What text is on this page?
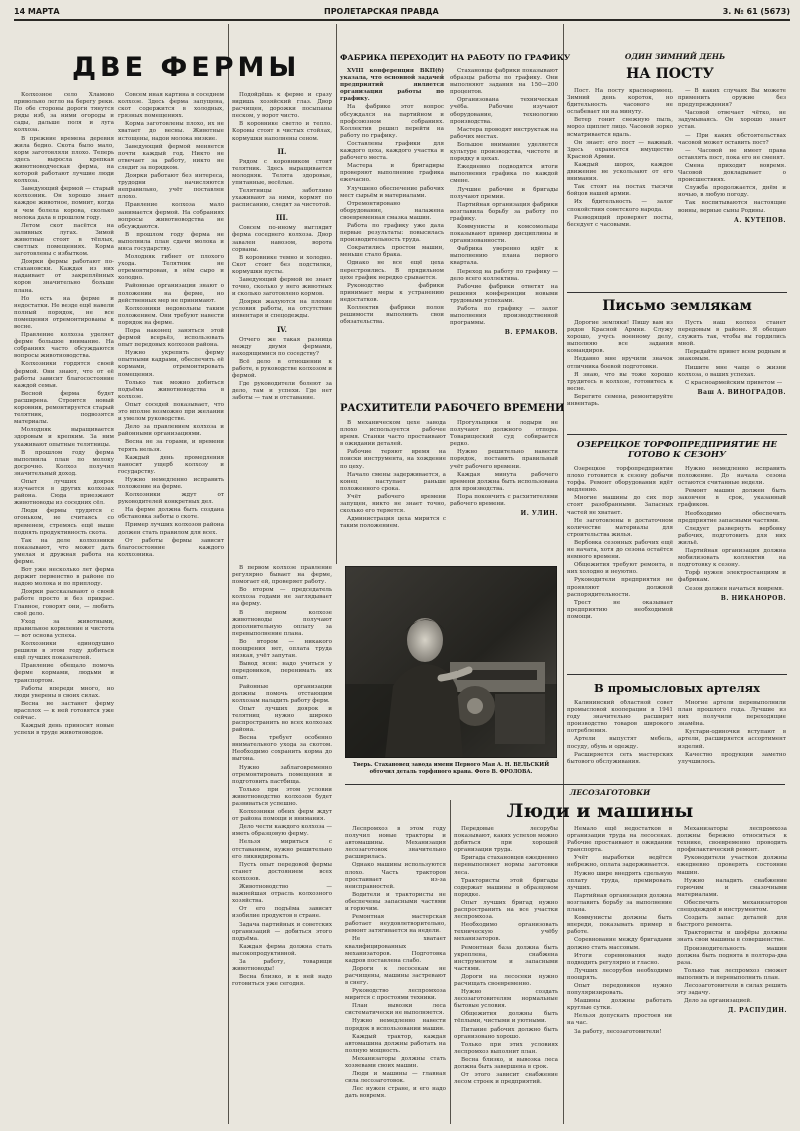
14 МАРТА	ПРОЛЕТАРСКАЯ ПРАВДА	3. № 61 (5673)
ДВЕ ФЕРМЫ

Колхозное село Хламово привольно легло на берегу реки. По обе стороны дороги тянутся ряды изб, за ними огороды и сады, дальше поля и луга колхоза.

В прежние времена деревня жила бедно. Скота было мало, корм заготовляли плохо. Теперь здесь выросла крепкая животноводческая ферма, на которой работают лучшие люди колхоза.

Заведующий фермой — старый колхозник. Он хорошо знает каждое животное, помнит, когда и чем болела корова, сколько молока дала в прошлом году.

Летом скот пасётся на заливных лугах. Зимой животные стоят в тёплых, светлых помещениях. Корма заготовлены с избытком.

Доярки фермы работают по-стахановски. Каждая из них надаивает от закреплённых коров значительно больше плана.

Но есть на ферме и недостатки. Не везде ещё навели полный порядок, не все помещения отремонтированы к весне.

Правление колхоза уделяет ферме большое внимание. На собраниях часто обсуждаются вопросы животноводства.

Колхозники гордятся своей фермой. Они знают, что от её работы зависит благосостояние каждой семьи.

Весной ферма будет расширена. Строится новый коровник, ремонтируется старый телятник, подвозятся материалы.

Молодняк выращивается здоровым и крепким. За ним ухаживают опытные телятницы.

В прошлом году ферма выполнила план по молоку досрочно. Колхоз получил значительный доход.

Опыт лучших доярок изучается в других колхозах района. Сюда приезжают животноводы из соседних сёл.

Люди фермы трудятся с огоньком, не считаясь со временем, стремясь ещё выше поднять продуктивность скота.

Так на деле колхозники показывают, что может дать умелая и дружная работа на ферме.

Вот уже несколько лет ферма держит первенство в районе по надою молока и по приплоду.

Доярки рассказывают о своей работе просто и без прикрас. Главное, говорят они, — любить своё дело.

Уход за животными, правильное кормление и чистота — вот основа успеха.

Колхозники единодушно решили в этом году добиться ещё лучших показателей.

Правление обещало помочь ферме кормами, людьми и транспортом.

Работы впереди много, но люди уверены в своих силах.

Весна не застанет ферму врасплох — к ней готовятся уже сейчас.

Каждый день приносит новые успехи в труде животноводов.

Совсем иная картина в соседнем колхозе. Здесь ферма запущена, скот содержится в холодных, грязных помещениях.

Корма заготовлены плохо, их не хватает до весны. Животные истощены, надои молока низкие.

Заведующий фермой меняется почти каждый год. Никто не отвечает за работу, никто не следит за порядком.

Доярки работают без интереса, трудодни начисляются неправильно, учёт поставлен плохо.

Правление колхоза мало занимается фермой. На собраниях вопросы животноводства не обсуждаются.

В прошлом году ферма не выполнила план сдачи молока и мяса государству.

Молодняк гибнет от плохого ухода. Телятник не отремонтирован, в нём сыро и холодно.

Районные организации знают о положении на ферме, но действенных мер не принимают.

Колхозники недовольны таким положением. Они требуют навести порядок на ферме.

Пора наконец заняться этой фермой всерьёз, использовать опыт передовых колхозов района.

Нужно укрепить ферму опытными кадрами, обеспечить её кормами, отремонтировать помещения.

Только так можно добиться подъёма животноводства в колхозе.

Опыт соседей показывает, что это вполне возможно при желании и умелом руководстве.

Дело за правлением колхоза и районными организациями.

Весна не за горами, и времени терять нельзя.

Каждый день промедления наносит ущерб колхозу и государству.

Нужно немедленно исправить положение на ферме.

Колхозники ждут от руководителей конкретных дел.

На ферме должна быть создана обстановка заботы о скоте.

Пример лучших колхозов района должен стать правилом для всех.

От работы фермы зависит благосостояние каждого колхозника.

Подойдёшь к ферме и сразу видишь хозяйский глаз. Двор расчищен, дорожки посыпаны песком, у ворот чисто.

В коровнике светло и тепло. Коровы стоят в чистых стойлах, кормушки наполнены сеном.

II.

Рядом с коровником стоит телятник. Здесь выращивается молодняк. Телята здоровые, упитанные, весёлые.

Телятницы заботливо ухаживают за ними, кормят по расписанию, следят за чистотой.

III.

Совсем по-иному выглядит ферма соседнего колхоза. Двор завален навозом, ворота сорваны.

В коровнике темно и холодно. Скот стоит без подстилки, кормушки пусты.

Заведующий фермой не знает точно, сколько у него животных и сколько заготовлено кормов.

Доярки жалуются на плохие условия работы, на отсутствие инвентаря и спецодежды.

IV.

Отчего же такая разница между двумя фермами, находящимися по соседству?

Всё дело в отношении к работе, в руководстве колхозом и фермой.

Где руководители болеют за дело, там и успехи. Где нет заботы — там и отставание.

В первом колхозе правление регулярно бывает на ферме, помогает ей, проверяет работу.

Во втором — председатель колхоза годами не заглядывает на ферму.

В первом колхозе животноводы получают дополнительную оплату за перевыполнение плана.

Во втором — никакого поощрения нет, оплата труда низкая, учёт запутан.

Вывод ясен: надо учиться у передовиков, перенимать их опыт.

Районные организации должны помочь отстающим колхозам наладить работу ферм.

Опыт лучших доярок и телятниц нужно широко распространить во всех колхозах района.

Весна требует особенно внимательного ухода за скотом. Необходимо сохранить корма до выгона.

Нужно заблаговременно отремонтировать помещения и подготовить пастбища.

Только при этом условии животноводство колхозов будет развиваться успешно.

Колхозники обеих ферм ждут от района помощи и внимания.

Дело чести каждого колхоза — иметь образцовую ферму.

Нельзя мириться с отставанием, нужно решительно его ликвидировать.

Пусть опыт передовой фермы станет достоянием всех колхозов.

Животноводство — важнейшая отрасль колхозного хозяйства.

От его подъёма зависит изобилие продуктов в стране.

Задача партийных и советских организаций — добиться этого подъёма.

Каждая ферма должна стать высокопродуктивной.

За работу, товарищи животноводы!

Весна близко, и к ней надо готовиться уже сегодня.

ФАБРИКА ПЕРЕХОДИТ НА РАБОТУ ПО ГРАФИКУ

XVIII конференция ВКП(б) указала, что основной задачей предприятий является организация работы по графику.

На фабрике этот вопрос обсуждался на партийном и профсоюзном собраниях. Коллектив решил перейти на работу по графику.

Составлены графики для каждого цеха, каждого участка и рабочего места.

Мастера и бригадиры проверяют выполнение графика ежечасно.

Улучшено обеспечение рабочих мест сырьём и материалами.

Отремонтировано оборудование, налажена своевременная смазка машин.

Работа по графику уже дала первые результаты: повысилась производительность труда.

Сократились простои машин, меньше стало брака.

Однако не все ещё цеха перестроились. В прядильном цехе график нередко срывается.

Руководство фабрики принимает меры к устранению недостатков.

Коллектив фабрики полон решимости выполнить свои обязательства.

Стахановцы фабрики показывают образцы работы по графику. Они выполняют задания на 150—200 процентов.

Организована техническая учёба. Рабочие изучают оборудование, технологию производства.

Мастера проводят инструктаж на рабочих местах.

Большое внимание уделяется культуре производства, чистоте и порядку в цехах.

Ежедневно подводятся итоги выполнения графика по каждой смене.

Лучшие рабочие и бригады получают премии.

Партийная организация фабрики возглавила борьбу за работу по графику.

Коммунисты и комсомольцы показывают пример дисциплины и организованности.

Фабрика уверенно идёт к выполнению плана первого квартала.

Переход на работу по графику — дело всего коллектива.

Рабочие фабрики ответят на решения конференции новыми трудовыми успехами.

Работа по графику — залог выполнения производственной программы.

В. ЕРМАКОВ.
РАСХИТИТЕЛИ РАБОЧЕГО ВРЕМЕНИ

В механическом цехе завода плохо используется рабочее время. Станки часто простаивают в ожидании деталей.

Рабочие теряют время на поиски инструмента, на хождение по цеху.

Начало смены задерживается, а конец наступает раньше положенного срока.

Учёт рабочего времени запущен, никто не знает точно, сколько его теряется.

Администрация цеха мирится с таким положением.

Прогульщики и лодыри не получают должного отпора. Товарищеский суд собирается редко.

Нужно решительно навести порядок, поставить правильный учёт рабочего времени.

Каждая минута рабочего времени должна быть использована для производства.

Пора покончить с расхитителями рабочего времени.

И. УЛИН.
Тверь. Стахановец завода имени Первого Мая А. Н. ВЕЛЬСКИЙ обточил деталь торфяного крана. Фото В. ФРОЛОВА.
ЛЕСОЗАГОТОВКИ
Люди и машины

Леспромхоз в этом году получил новые тракторы и автомашины. Механизация лесозаготовок значительно расширилась.

Однако машины используются плохо. Часть тракторов простаивает из-за неисправностей.

Водители и трактористы не обеспечены запасными частями и горючим.

Ремонтная мастерская работает неудовлетворительно, ремонт затягивается на недели.

Не хватает квалифицированных механизаторов. Подготовка кадров поставлена слабо.

Дороги к лесосекам не расчищены, машины застревают в снегу.

Руководство леспромхоза мирится с простоями техники.

План вывозки леса систематически не выполняется.

Нужно немедленно навести порядок в использовании машин.

Каждый трактор, каждая автомашина должны работать на полную мощность.

Механизаторы должны стать хозяевами своих машин.

Люди и машины — главная сила лесозаготовок.

Лес нужен стране, и его надо дать вовремя.

Передовые лесорубы показывают, каких успехов можно добиться при хорошей организации труда.

Бригада стахановцев ежедневно перевыполняет нормы заготовки леса.

Трактористы этой бригады содержат машины в образцовом порядке.

Опыт лучших бригад нужно распространить на все участки леспромхоза.

Необходимо организовать техническую учёбу механизаторов.

Ремонтная база должна быть укреплена, снабжена инструментом и запасными частями.

Дороги на лесосеки нужно расчищать своевременно.

Нужно создать лесозаготовителям нормальные бытовые условия.

Общежития должны быть тёплыми, чистыми и уютными.

Питание рабочих должно быть организовано хорошо.

Только при этих условиях леспромхоз выполнит план.

Весна близко, и вывозка леса должна быть завершена в срок.

От этого зависит снабжение лесом строек и предприятий.

Немало ещё недостатков в организации труда на лесосеках. Рабочие простаивают в ожидании транспорта.

Учёт выработки ведётся небрежно, оплата задерживается.

Нужно шире внедрять сдельную оплату труда, премировать лучших.

Партийная организация должна возглавить борьбу за выполнение плана.

Коммунисты должны быть впереди, показывать пример в работе.

Соревнование между бригадами должно стать массовым.

Итоги соревнования надо подводить регулярно и гласно.

Лучших лесорубов необходимо поощрять.

Опыт передовиков нужно популяризировать.

Машины должны работать круглые сутки.

Нельзя допускать простоев ни на час.

За работу, лесозаготовители!

Механизаторы леспромхоза должны бережно относиться к технике, своевременно проводить профилактический ремонт.

Руководители участков должны ежедневно проверять состояние машин.

Нужно наладить снабжение горючим и смазочными материалами.

Обеспечить механизаторов спецодеждой и инструментом.

Создать запас деталей для быстрого ремонта.

Трактористы и шофёры должны знать свои машины в совершенстве.

Производительность машин должна быть поднята в полтора-два раза.

Только так леспромхоз сможет выполнить и перевыполнить план.

Лесозаготовители в силах решить эту задачу.

Дело за организацией.

Д. РАСПУДИН.
ОДИН ЗИМНИЙ ДЕНЬ
НА ПОСТУ

Пост. На посту красноармеец. Зимний день короток, но бдительность часового не ослабевает ни на минуту.

Ветер гонит снежную пыль, мороз щиплет лицо. Часовой зорко всматривается вдаль.

Он знает: его пост — важный. Здесь охраняется имущество Красной Армии.

Каждый шорох, каждое движение не ускользают от его внимания.

Так стоят на постах тысячи бойцов нашей армии.

Их бдительность — залог спокойствия советского народа.

Разводящий проверяет посты, беседует с часовыми.

— В каких случаях Вы можете применить оружие без предупреждения?

Часовой отвечает чётко, не задумываясь. Он хорошо знает устав.

— При каких обстоятельствах часовой может оставить пост?

— Часовой не имеет права оставлять пост, пока его не сменят.

Смена приходит вовремя. Часовой докладывает о происшествиях.

Служба продолжается, днём и ночью, в любую погоду.

Так воспитываются настоящие воины, верные сыны Родины.

А. КУТЕПОВ.
Письмо землякам

Дорогие земляки! Пишу вам из рядов Красной Армии. Служу хорошо, учусь военному делу, выполняю все задания командиров.

Недавно мне вручили значок отличника боевой подготовки.

Я знаю, что вы тоже хорошо трудитесь в колхозе, готовитесь к весне.

Берегите семена, ремонтируйте инвентарь.

Пусть наш колхоз станет передовым в районе. Я обещаю служить так, чтобы вы гордились мной.

Передайте привет всем родным и знакомым.

Пишите мне чаще о жизни колхоза, о ваших успехах.

С красноармейским приветом —

Ваш А. ВИНОГРАДОВ.
ОЗЕРЕЦКОЕ ТОРФОПРЕДПРИЯТИЕ НЕ ГОТОВО К СЕЗОНУ

Озерецкое торфопредприятие плохо готовится к сезону добычи торфа. Ремонт оборудования идёт медленно.

Многие машины до сих пор стоят разобранными. Запасных частей не хватает.

Не заготовлены в достаточном количестве материалы для строительства жилья.

Вербовка сезонных рабочих ещё не начата, хотя до сезона остаётся немного времени.

Общежития требуют ремонта, в них холодно и неуютно.

Руководители предприятия не проявляют должной распорядительности.

Трест не оказывает предприятию необходимой помощи.

Нужно немедленно исправить положение. До начала сезона остаются считанные недели.

Ремонт машин должен быть закончен в срок, указанный графиком.

Необходимо обеспечить предприятие запасными частями.

Следует развернуть вербовку рабочих, подготовить для них жильё.

Партийная организация должна мобилизовать коллектив на подготовку к сезону.

Торф нужен электростанциям и фабрикам.

Сезон должен начаться вовремя.

В. НИКАНОРОВ.
В промысловых артелях

Калининский областной совет промысловой кооперации в 1941 году значительно расширит производство товаров широкого потребления.

Артели выпустят мебель, посуду, обувь и одежду.

Расширяется сеть мастерских бытового обслуживания.

Многие артели перевыполнили план прошлого года. Лучшие из них получили переходящие знамёна.

Кустари-одиночки вступают в артели, расширяется ассортимент изделий.

Качество продукции заметно улучшилось.
